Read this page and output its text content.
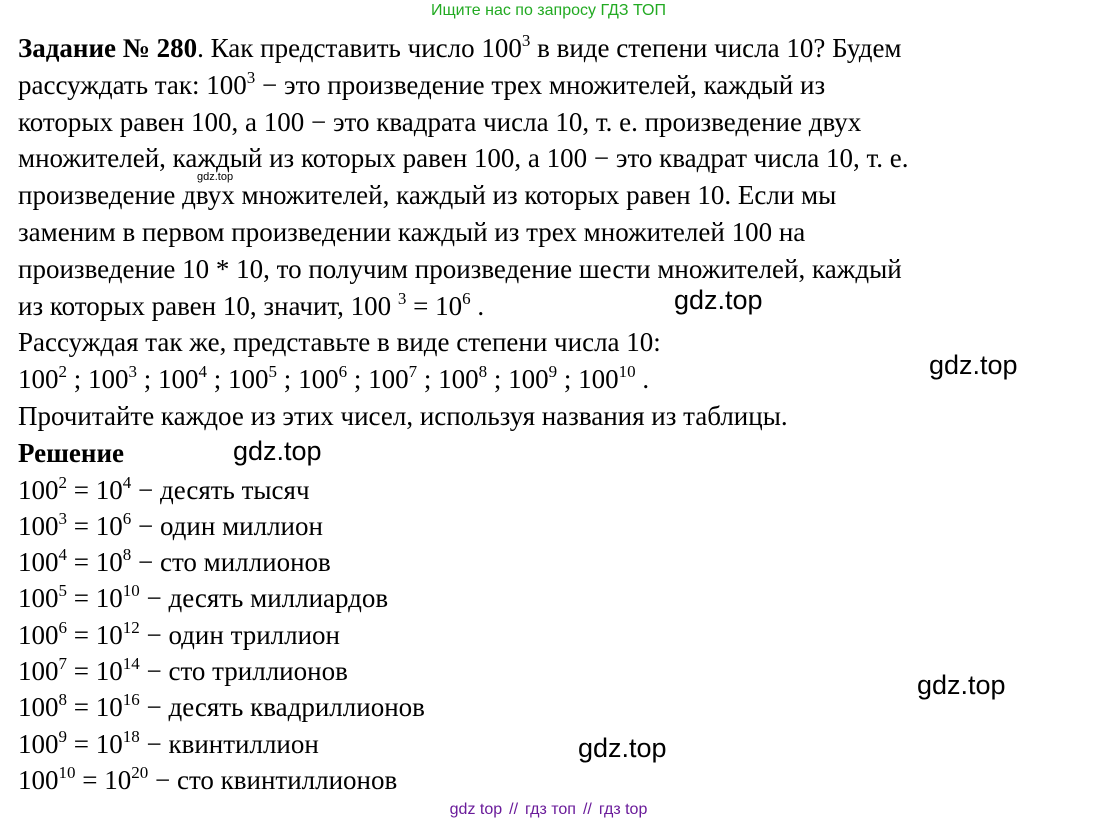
Ищите нас по запросу ГДЗ ТОП
Задание № 280. Как представить число $100^3$ в виде степени числа 10? Будем
рассуждать так: $100^3$ − это произведение трех множителей, каждый из
которых равен 100, а 100 − это квадрата числа 10, т. е. произведение двух
множителей, каждый из которых равен 100, а 100 − это квадрат числа 10, т. е.
произведение двух множителей, каждый из которых равен 10. Если мы
заменим в первом произведении каждый из трех множителей 100 на
произведение 10 * 10, то получим произведение шести множителей, каждый
из которых равен 10, значит, 100 $^3 = 10^6$ .
Рассуждая так же, представьте в виде степени числа 10:
$100^2$ ; $100^3$ ; $100^4$ ; $100^5$ ; $100^6$ ; $100^7$ ; $100^8$ ; $100^9$ ; $100^{10}$ .
Прочитайте каждое из этих чисел, используя названия из таблицы.
Решение
$100^2 = 10^4$ − десять тысяч
$100^3 = 10^6$ − один миллион
$100^4 = 10^8$ − сто миллионов
$100^5 = 10^{10}$ − десять миллиардов
$100^6 = 10^{12}$ − один триллион
$100^7 = 10^{14}$ − сто триллионов
$100^8 = 10^{16}$ − десять квадриллионов
$100^9 = 10^{18}$ − квинтиллион
$100^{10} = 10^{20}$ − сто квинтиллионов
gdz.top
gdz.top
gdz.top
gdz.top
gdz.top
gdz.top
gdz top // гдз топ // гдз top
